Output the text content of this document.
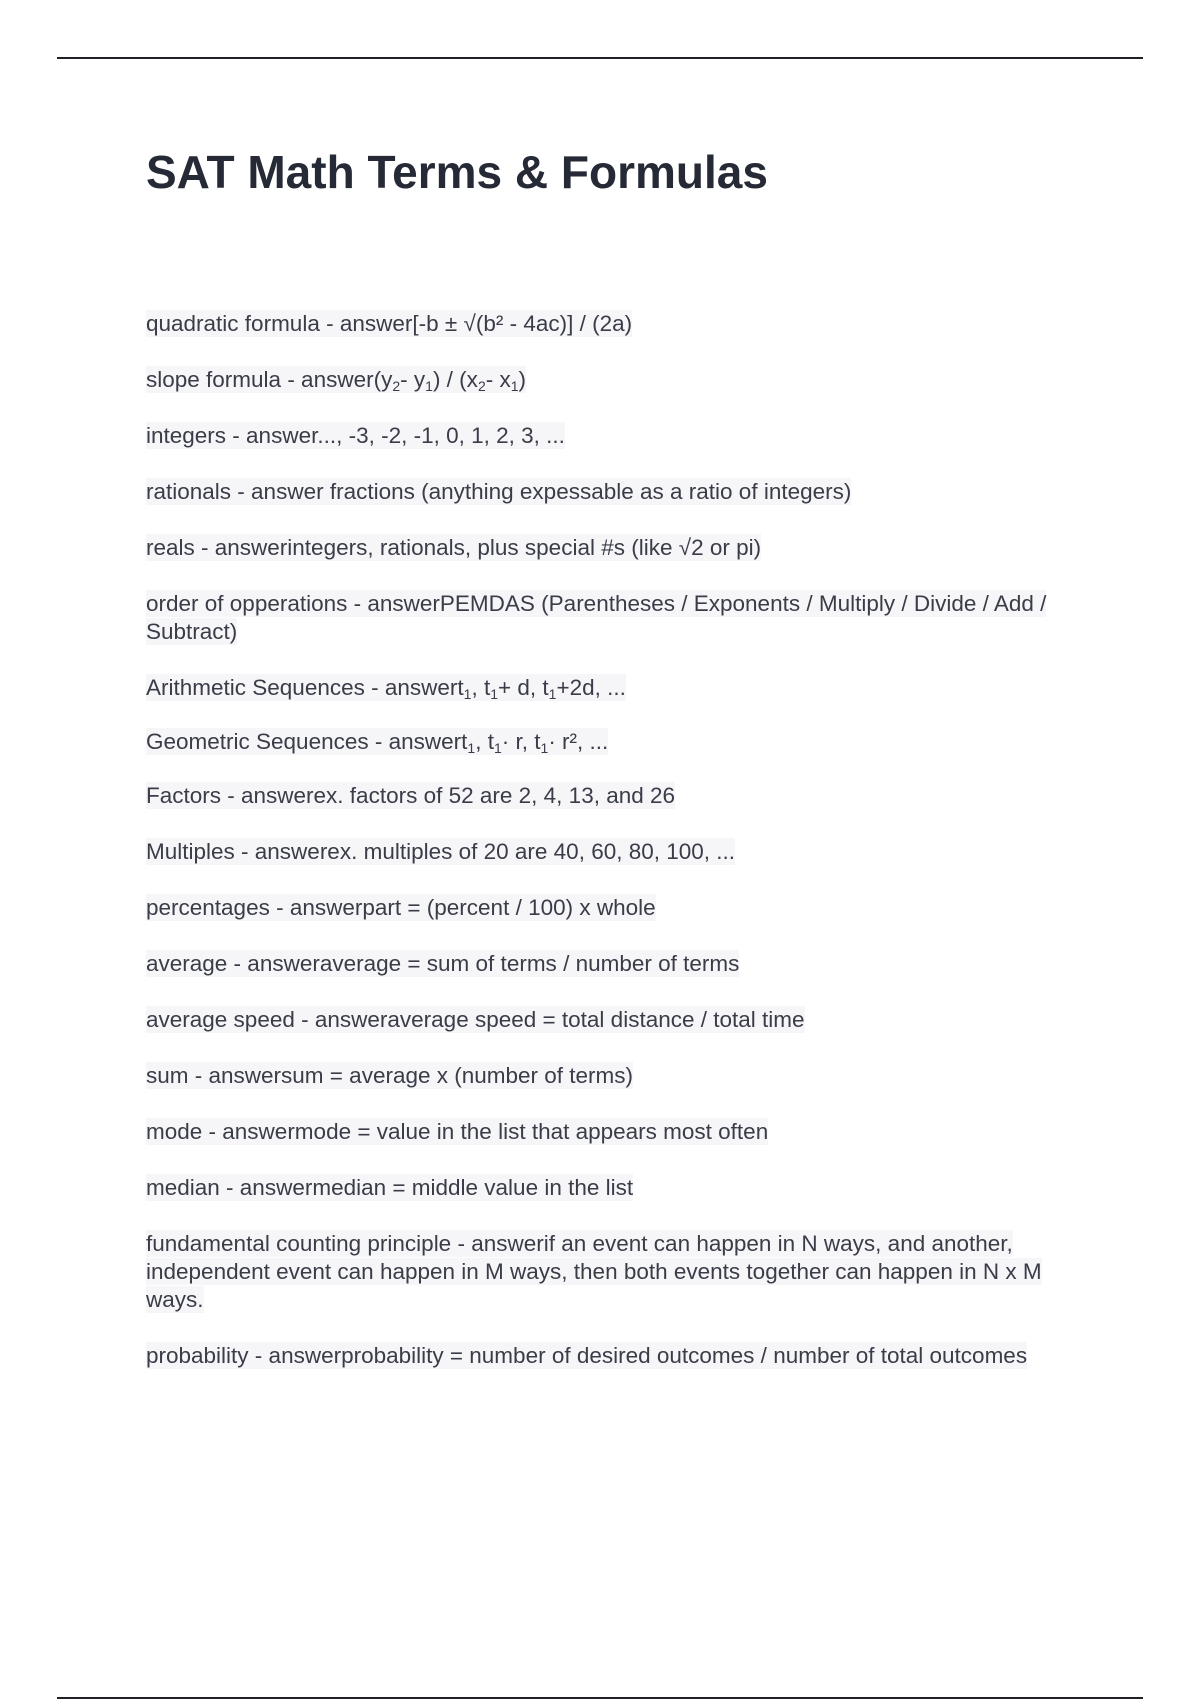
SAT Math Terms & Formulas

quadratic formula - answer[-b ± √(b² - 4ac)] / (2a)

slope formula - $answer(y_2-$ $y_1) / (x_2-$ $x_1$)

integers - answer..., -3, -2, -1, 0, 1, 2, 3, ...

rationals - answer fractions (anything expessable as a ratio of integers)

reals - answerintegers, rationals, plus special #s (like √2 or pi)

order of opperations - answerPEMDAS (Parentheses / Exponents / Multiply / Divide / Add / Subtract)

Arithmetic Sequences - answert$_1$, $t_1+ d$, $t_1+2d$, ...

Geometric Sequences - answert$_1$, $t_1\cdot r$, $t_1\cdot r^2$, ...

Factors - answerex. factors of 52 are 2, 4, 13, and 26

Multiples - answerex. multiples of 20 are 40, 60, 80, 100, ...

percentages - answerpart = (percent / 100) x whole

average - answeraverage = sum of terms / number of terms

average speed - answeraverage speed = total distance / total time

sum - answersum = average x (number of terms)

mode - answermode = value in the list that appears most often

median - answermedian = middle value in the list

fundamental counting principle - answerif an event can happen in N ways, and another, independent event can happen in M ways, then both events together can happen in N x M ways.

probability - answerprobability = number of desired outcomes / number of total outcomes
